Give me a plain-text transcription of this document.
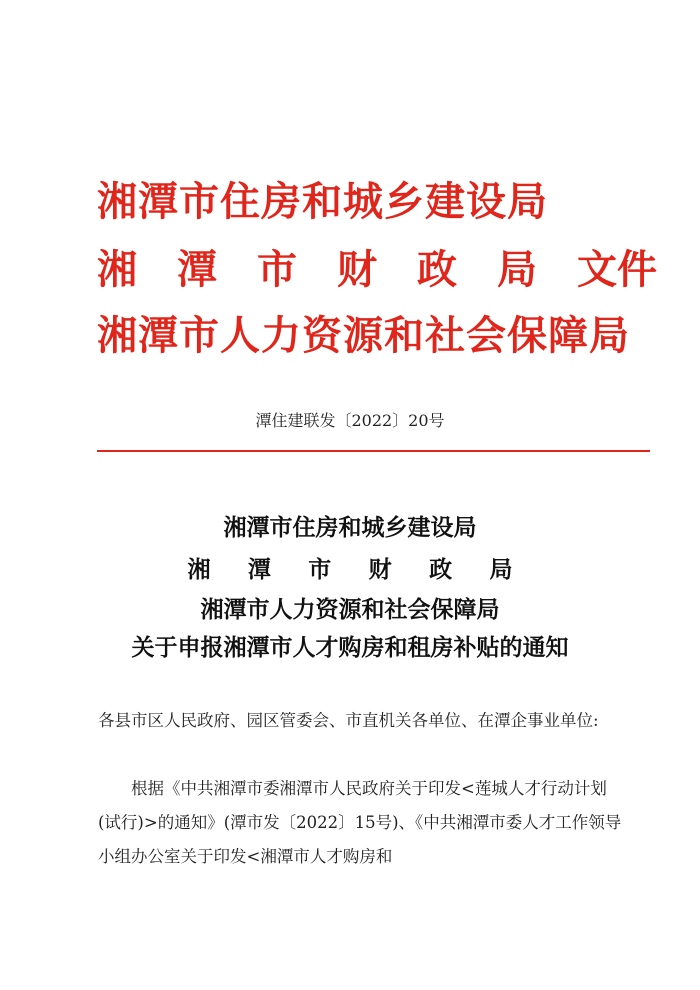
湘潭市住房和城乡建设局
湘 潭 市 财 政 局 文件
湘潭市人力资源和社会保障局
潭住建联发〔2022〕20号
湘潭市住房和城乡建设局
湘 潭 市 财 政 局
湘潭市人力资源和社会保障局
关于申报湘潭市人才购房和租房补贴的通知

各县市区人民政府、园区管委会、市直机关各单位、在潭企事业单位:

根据《中共湘潭市委湘潭市人民政府关于印发<莲城人才行动计划(试行)>的通知》(潭市发〔2022〕15号)、《中共湘潭市委人才工作领导小组办公室关于印发<湘潭市人才购房和
